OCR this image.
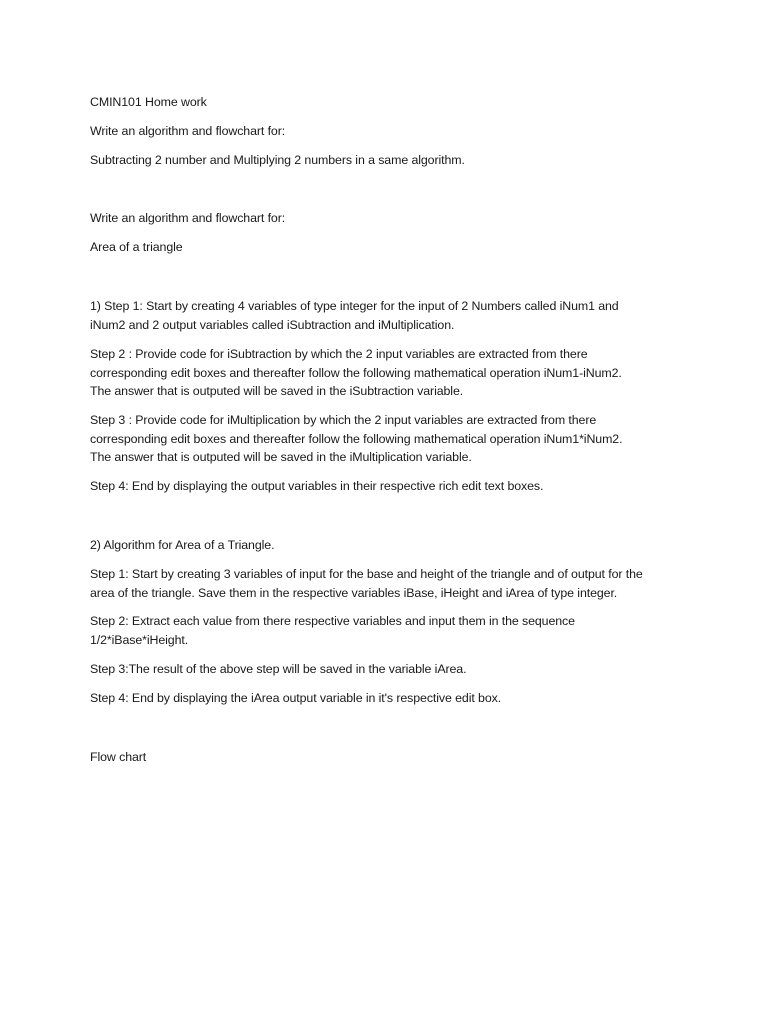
CMIN101 Home work

Write an algorithm and flowchart for:

Subtracting 2 number and Multiplying 2 numbers in a same algorithm.

Write an algorithm and flowchart for:

Area of a triangle

1) Step 1: Start by creating 4 variables of type integer for the input of 2 Numbers called iNum1 and
iNum2 and 2 output variables called iSubtraction and iMultiplication.
Step 2 : Provide code for iSubtraction by which the 2 input variables are extracted from there
corresponding edit boxes and thereafter follow the following mathematical operation iNum1-iNum2.
The answer that is outputed will be saved in the iSubtraction variable.
Step 3 : Provide code for iMultiplication by which the 2 input variables are extracted from there
corresponding edit boxes and thereafter follow the following mathematical operation iNum1*iNum2.
The answer that is outputed will be saved in the iMultiplication variable.

Step 4: End by displaying the output variables in their respective rich edit text boxes.

2) Algorithm for Area of a Triangle.

Step 1: Start by creating 3 variables of input for the base and height of the triangle and of output for the
area of the triangle. Save them in the respective variables iBase, iHeight and iArea of type integer.
Step 2: Extract each value from there respective variables and input them in the sequence
1/2*iBase*iHeight.

Step 3:The result of the above step will be saved in the variable iArea.

Step 4: End by displaying the iArea output variable in it's respective edit box.

Flow chart
